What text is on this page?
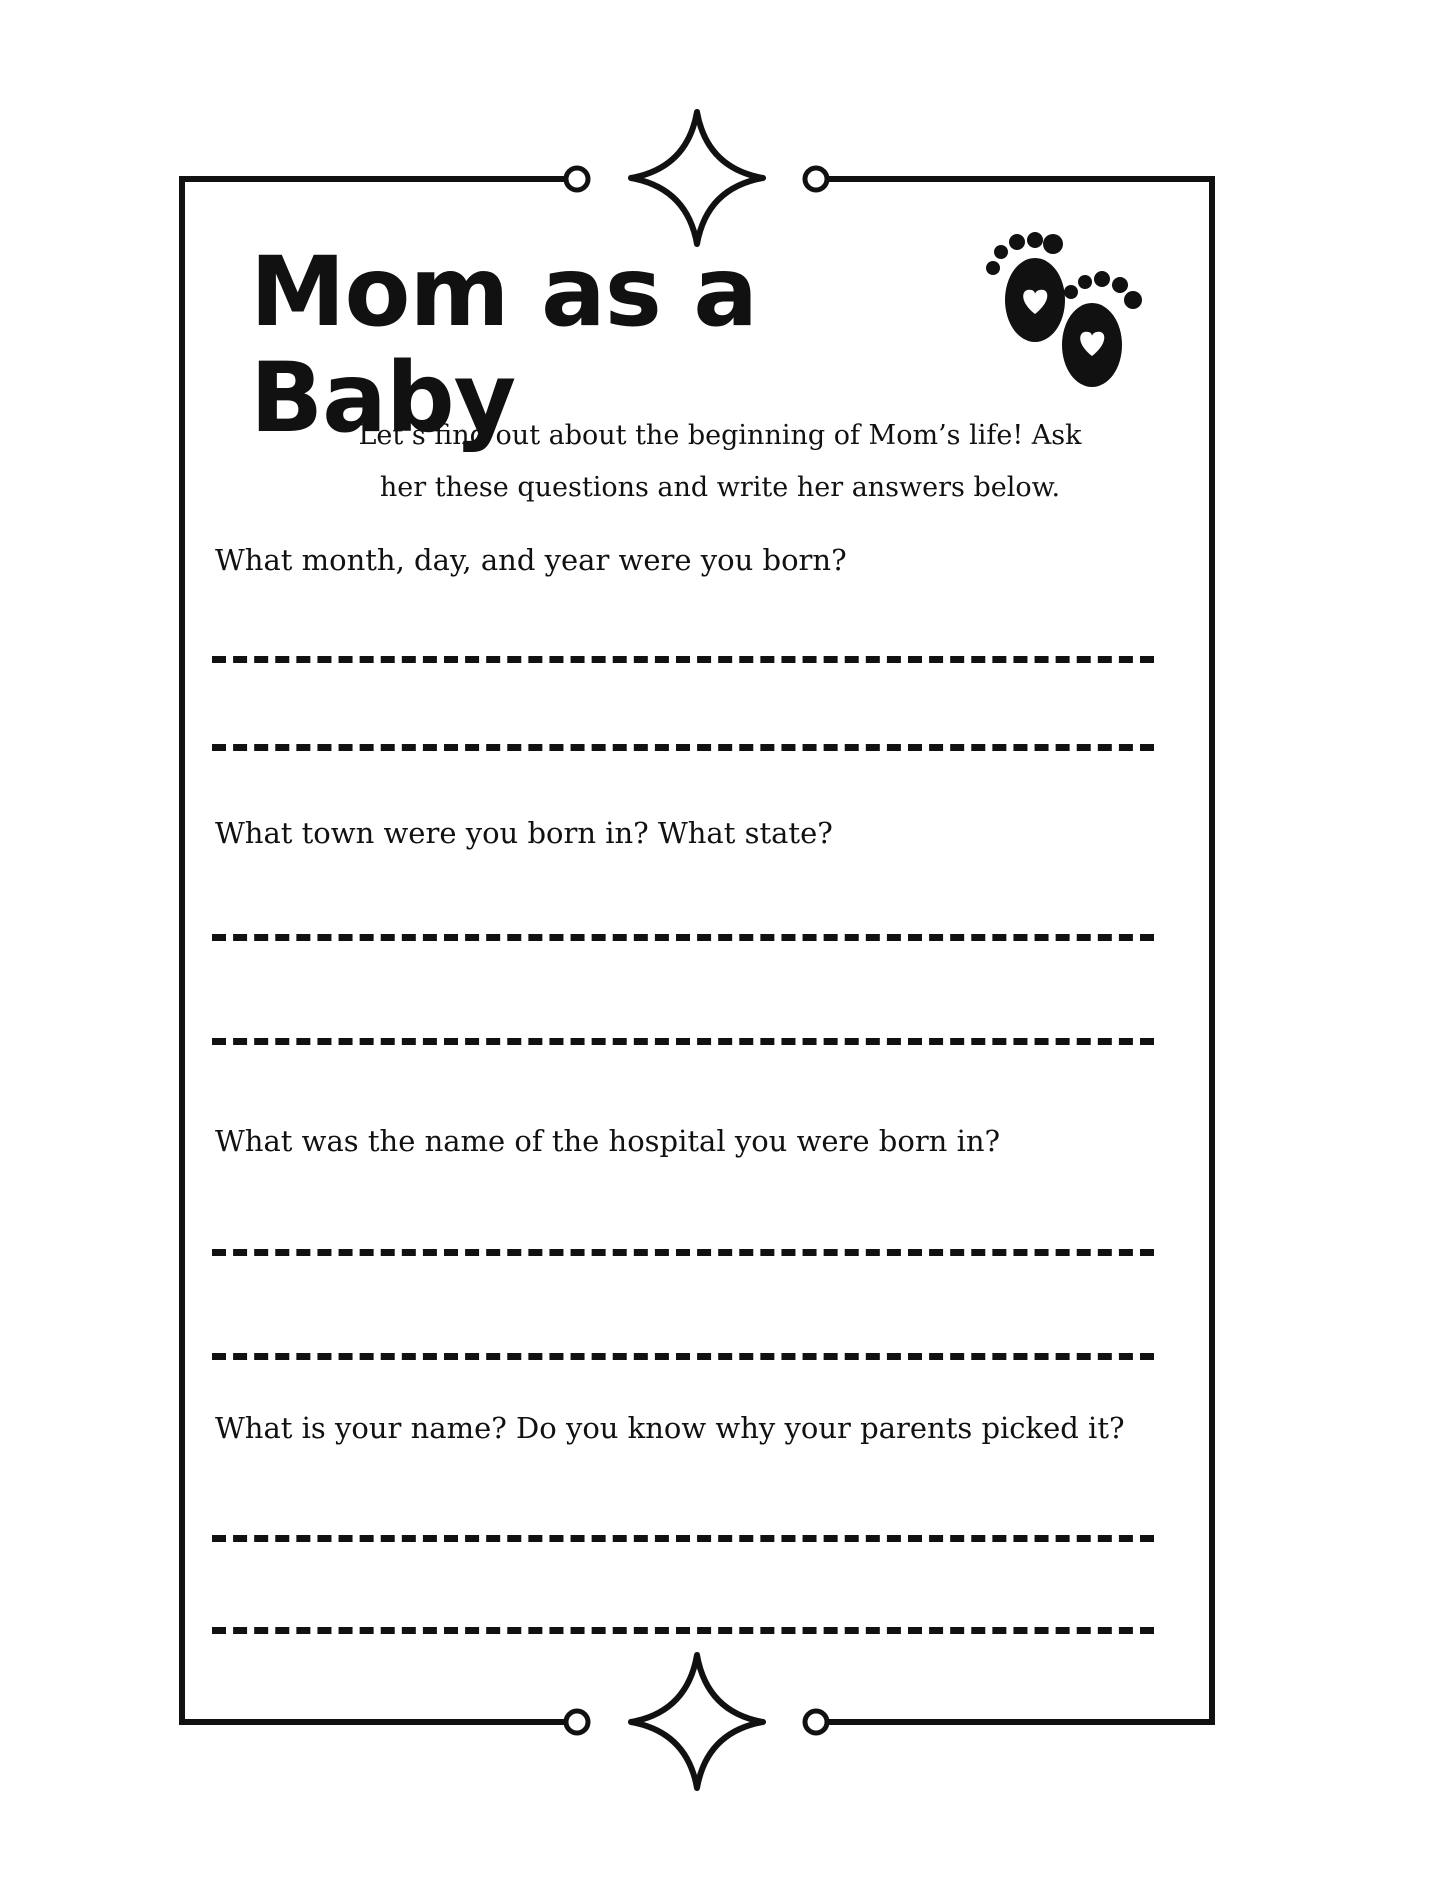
Mom as a Baby
Let’s find out about the beginning of Mom’s life! Ask
her these questions and write her answers below.
What month, day, and year were you born?
What town were you born in? What state?
What was the name of the hospital you were born in?
What is your name? Do you know why your parents picked it?
